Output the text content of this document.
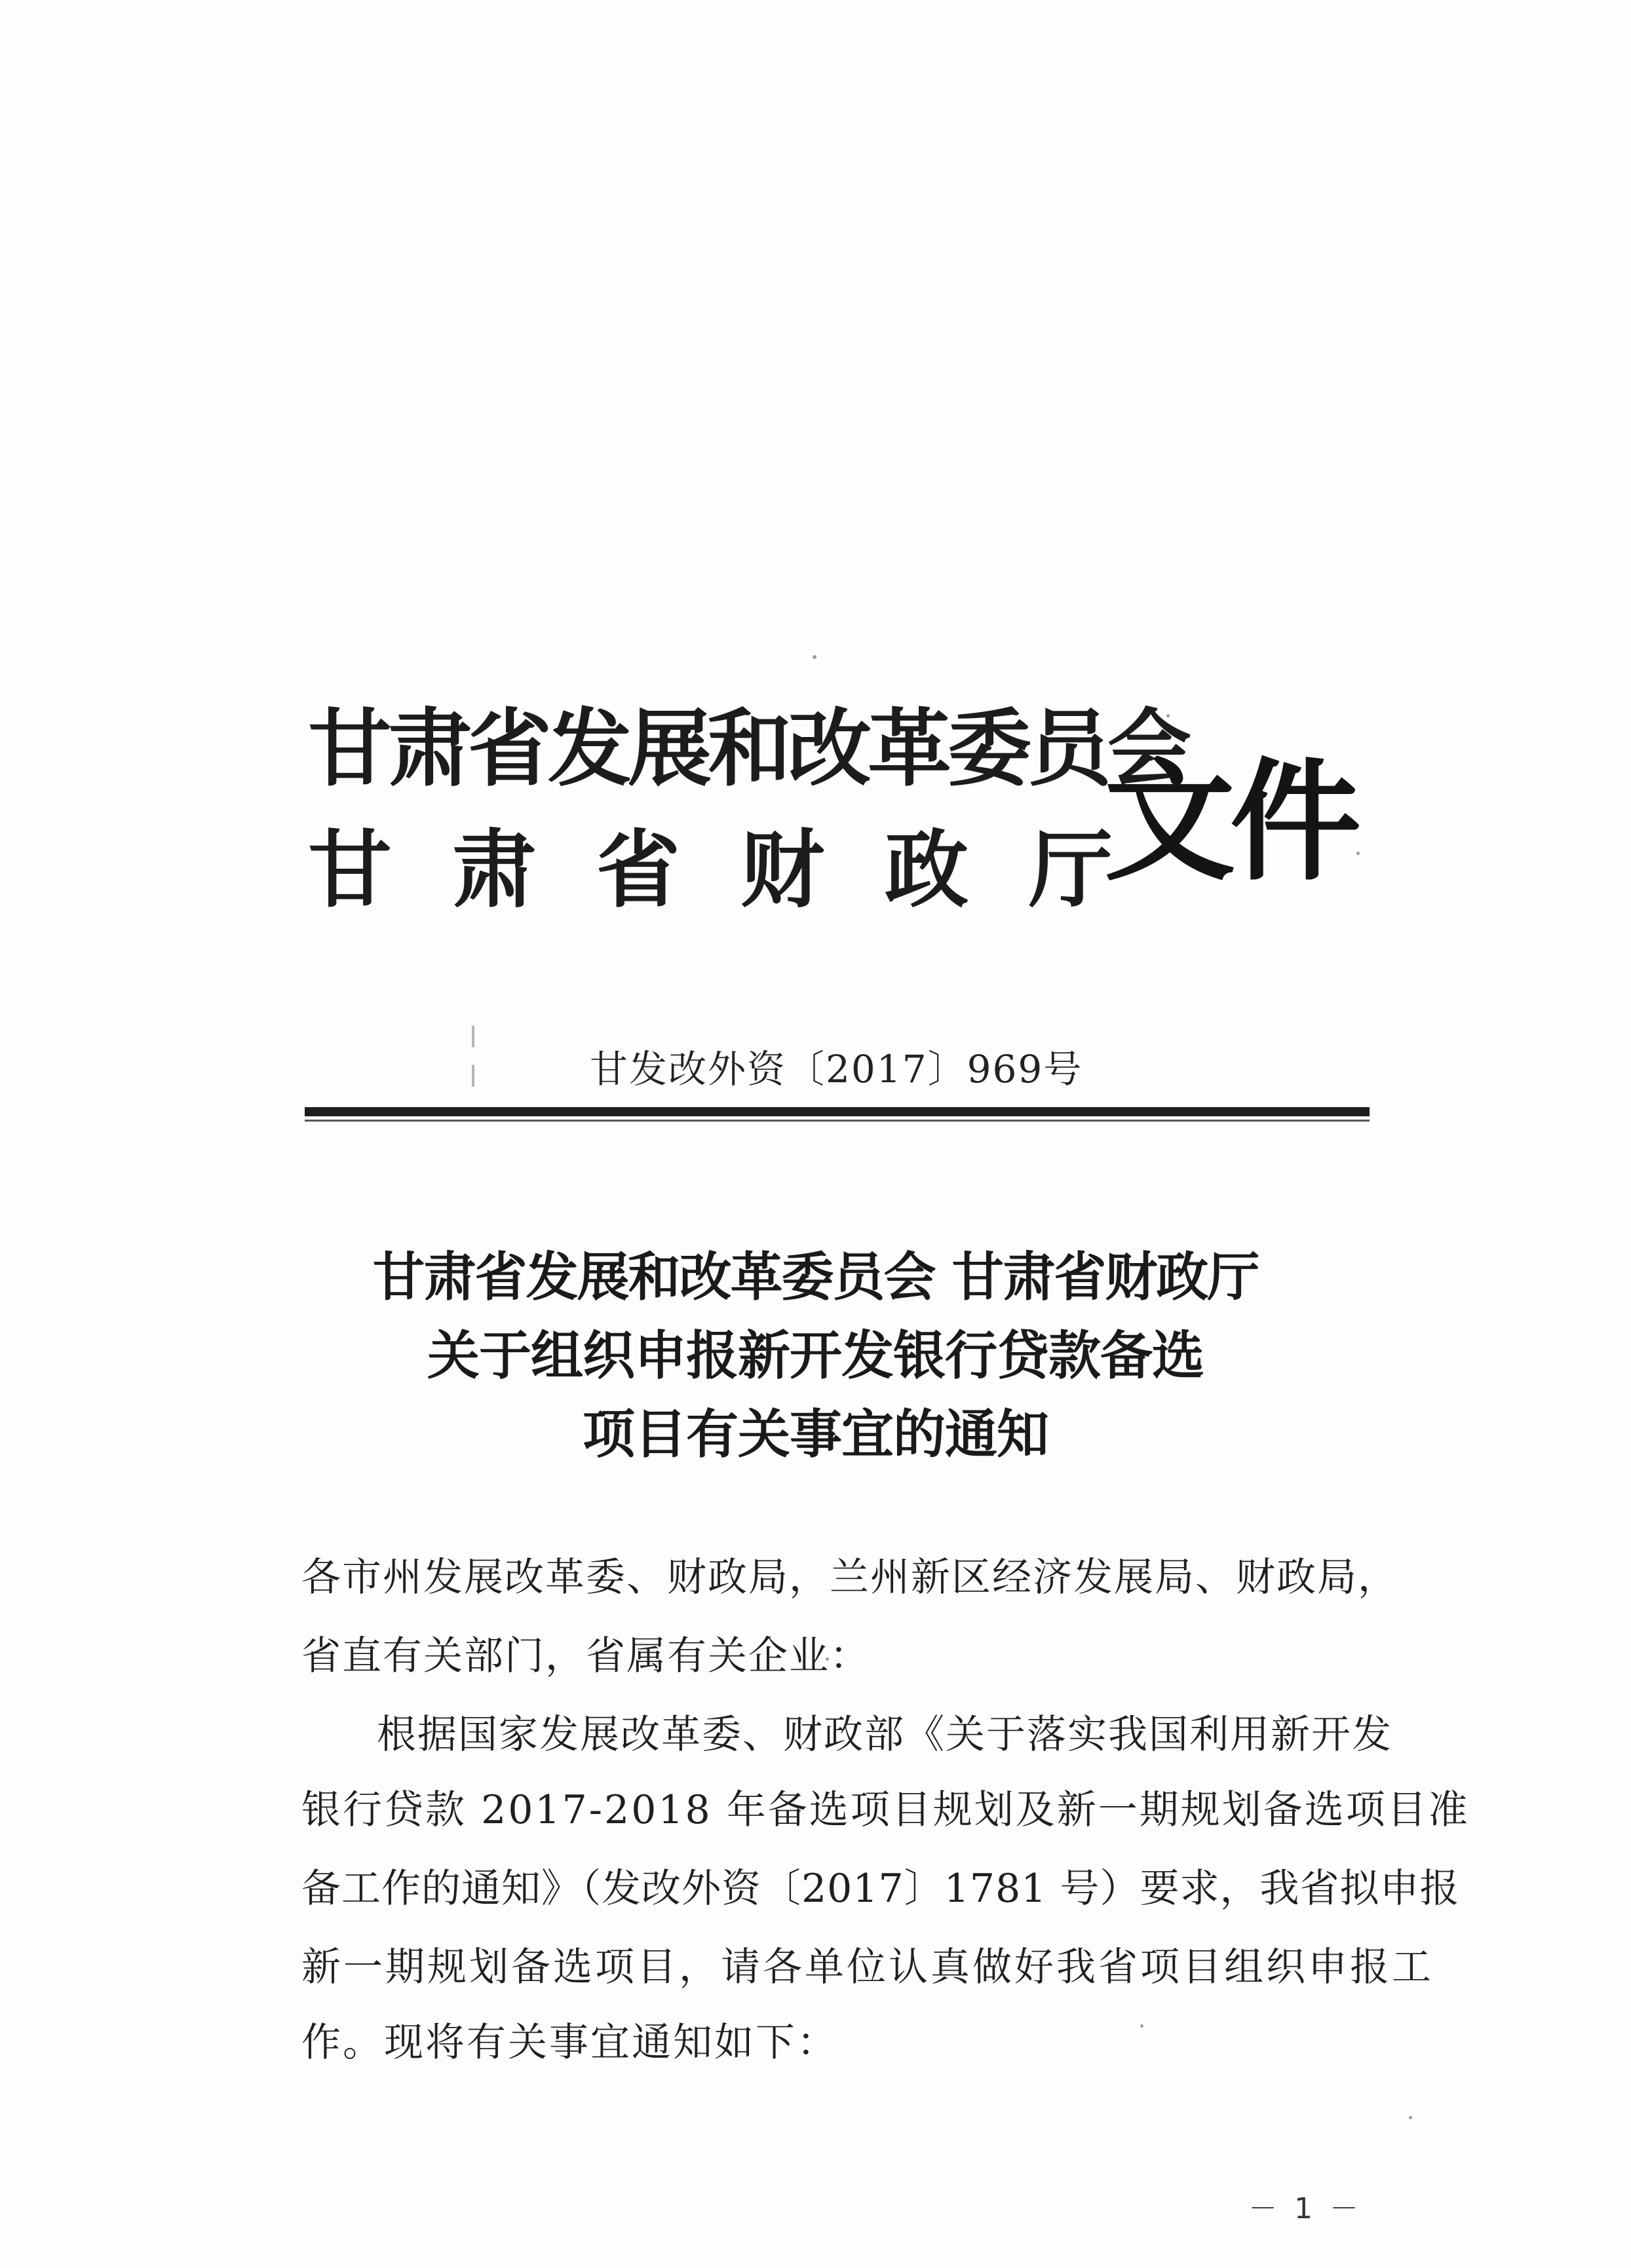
甘肃省发展和改革委员会
甘肃省财政厅
文件
甘发改外资〔2017〕969号
甘肃省发展和改革委员会 甘肃省财政厅
关于组织申报新开发银行贷款备选
项目有关事宜的通知
各市州发展改革委、财政局，兰州新区经济发展局、财政局，
省直有关部门，省属有关企业：
根据国家发展改革委、财政部《关于落实我国利用新开发
银行贷款 2017-2018 年备选项目规划及新一期规划备选项目准
备工作的通知》（发改外资〔2017〕1781 号）要求，我省拟申报
新一期规划备选项目，请各单位认真做好我省项目组织申报工
作。现将有关事宜通知如下：
－ 1 －
